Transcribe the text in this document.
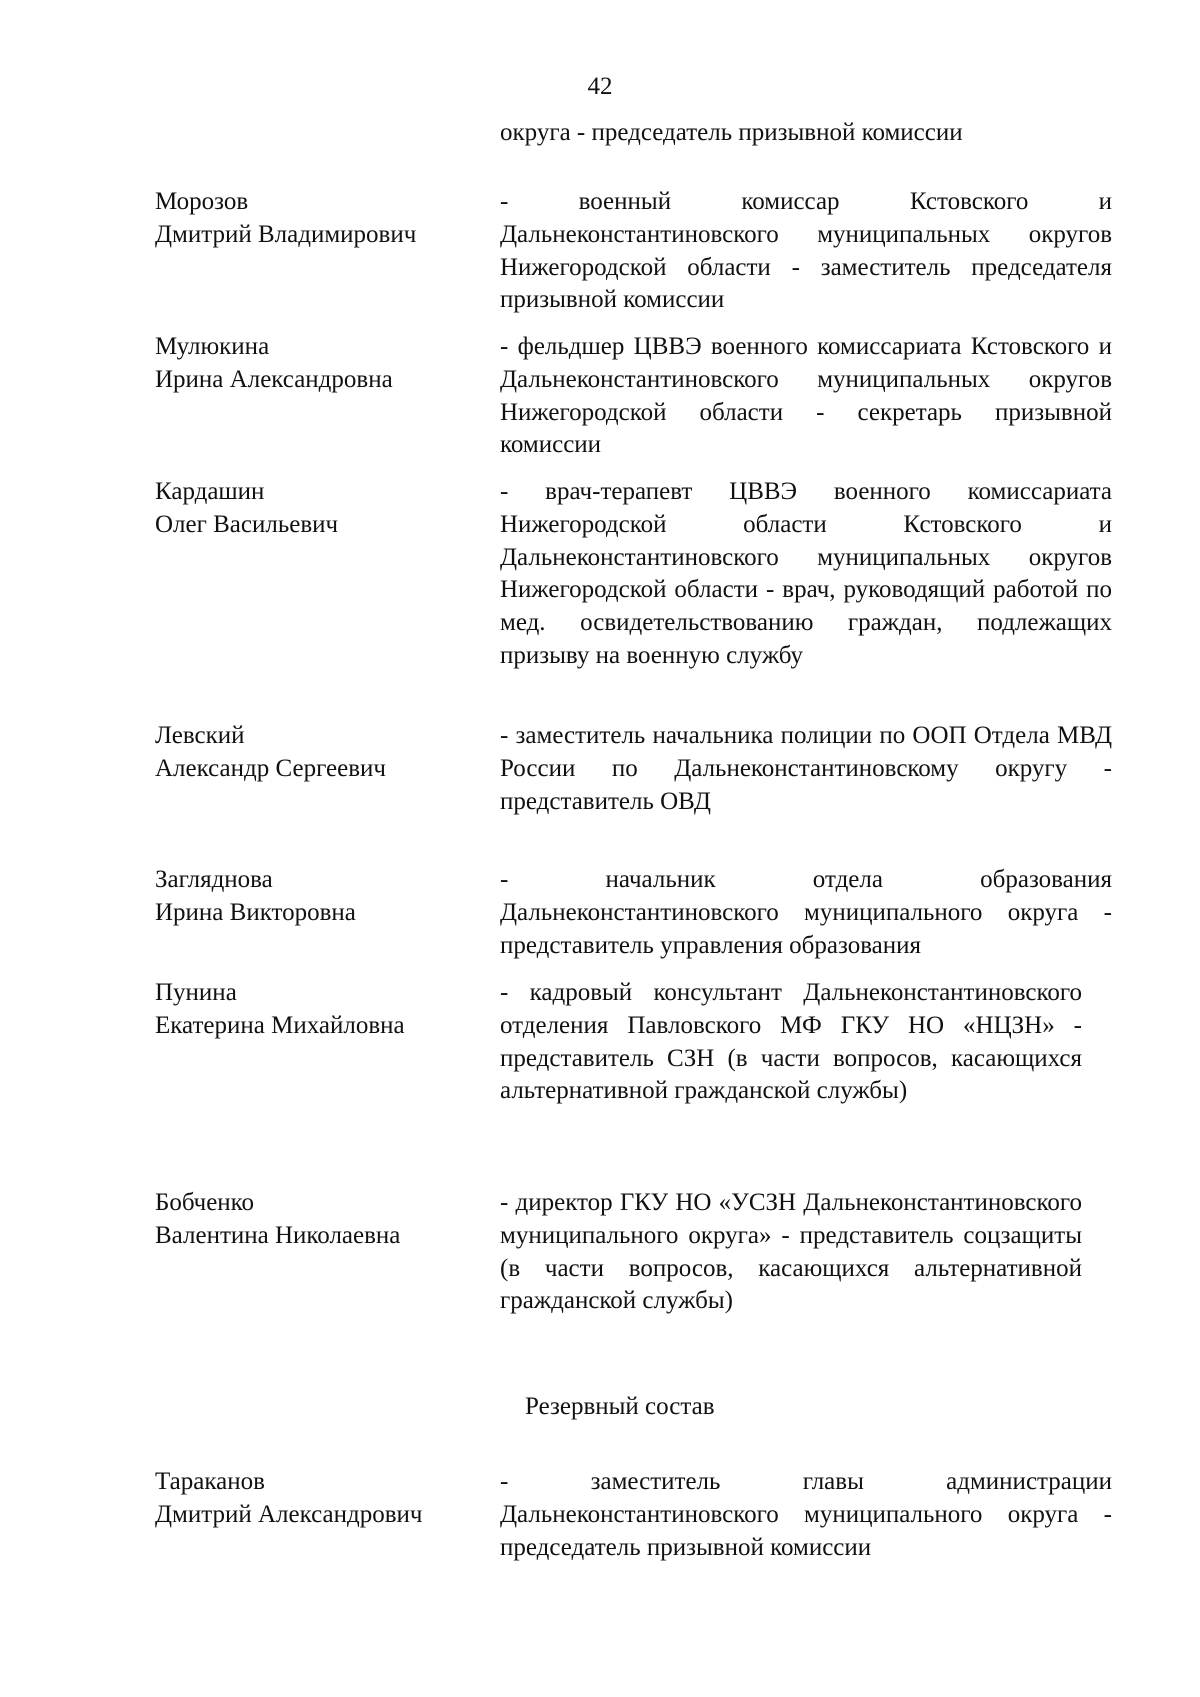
42
округа - председатель призывной комиссии
Морозов
Дмитрий Владимирович
- военный комиссар Кстовского и Дальнеконстантиновского муниципальных округов Нижегородской области - заместитель председателя призывной комиссии
Мулюкина
Ирина Александровна
- фельдшер ЦВВЭ военного комиссариата Кстовского и Дальнеконстантиновского муниципальных округов Нижегородской области - секретарь призывной комиссии
Кардашин
Олег Васильевич
- врач-терапевт ЦВВЭ военного комиссариата Нижегородской области Кстовского и Дальнеконстантиновского муниципальных округов Нижегородской области - врач, руководящий работой по мед. освидетельствованию граждан, подлежащих призыву на военную службу
Левский
Александр Сергеевич
- заместитель начальника полиции по ООП Отдела МВД России по Дальнеконстантиновскому округу - представитель ОВД
Загляднова
Ирина Викторовна
- начальник отдела образования Дальнеконстантиновского муниципального округа - представитель управления образования
Пунина
Екатерина Михайловна
- кадровый консультант Дальнеконстантиновского отделения Павловского МФ ГКУ НО «НЦЗН» - представитель СЗН (в части вопросов, касающихся альтернативной гражданской службы)
Бобченко
Валентина Николаевна
- директор ГКУ НО «УСЗН Дальнеконстантиновского муниципального округа» - представитель соцзащиты (в части вопросов, касающихся альтернативной гражданской службы)
Резервный состав
Тараканов
Дмитрий Александрович
- заместитель главы администрации Дальнеконстантиновского муниципального округа - председатель призывной комиссии
